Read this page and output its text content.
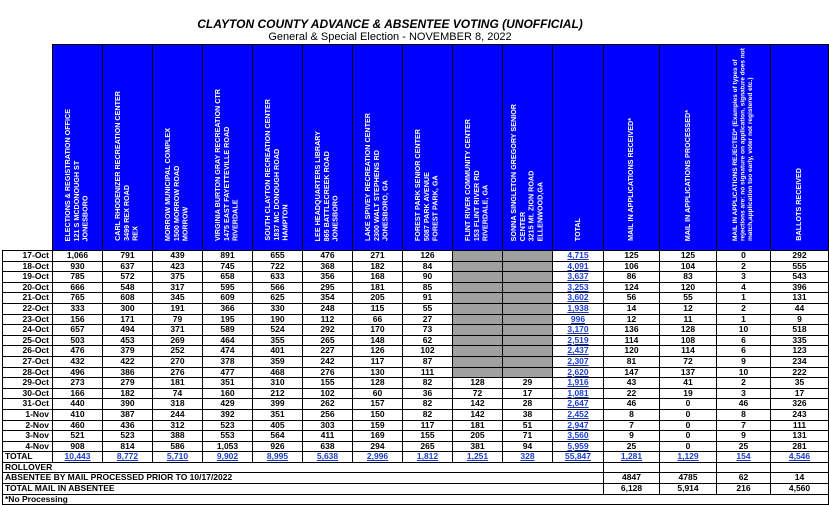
CLAYTON COUNTY ADVANCE & ABSENTEE VOTING (UNOFFICIAL)
General & Special Election - NOVEMBER 8, 2022
	ELECTIONS & REGISTRATION OFFICE
121 S MCDONOUGH ST
JONESBORO	CARL RHODENIZER RECREATION CENTER
3499 REX ROAD
REX	MORROW MUNICIPAL COMPLEX
1500 MORROW ROAD
MORROW	VIRGINIA BURTON GRAY RECREATION CTR
1475 EAST FAYETTEVILLE ROAD
RIVERDALE	SOUTH CLAYTON RECREATION CENTER
1837 MC DONOUGH ROAD
HAMPTON	LEE HEADQUARTERS LIBRARY
865 BATTLECREEK ROAD
JONESBORO	LAKE SPIVEY RECREATION CENTER
2300 WALT STEPHENS RD
JONESBORO, GA	FOREST PARK SENIOR CENTER
5087 PARK AVENUE
FOREST PARK, GA	FLINT RIVER COMMUNITY CENTER
153 FLINT RIVER RD
RIVERDALE, GA	SONNA SINGLETON GREGORY SENIOR
CENTER
3215 Mt. ZION ROAD
ELLENWOOD,GA	TOTAL	MAIL IN APPLICATIONS RECEIVED*	MAIL IN APPLICATIONS PROCESSED*	MAIL IN APPLICATIONS REJECTED* (Examples of types of rejections are: no signature on application, signature does not match,application too early, voter not registered etc.)	BALLOTS RECEIVED
17-Oct	1,066	791	439	891	655	476	271	126			4,715	125	125	0	292
18-Oct	930	637	423	745	722	368	182	84			4,091	106	104	2	555
19-Oct	785	572	375	658	633	356	168	90			3,637	86	83	3	543
20-Oct	666	548	317	595	566	295	181	85			3,253	124	120	4	396
21-Oct	765	608	345	609	625	354	205	91			3,602	56	55	1	131
22-Oct	333	300	191	366	330	248	115	55			1,938	14	12	2	44
23-Oct	156	171	79	195	190	112	66	27			996	12	11	1	9
24-Oct	657	494	371	589	524	292	170	73			3,170	136	128	10	518
25-Oct	503	453	269	464	355	265	148	62			2,519	114	108	6	335
26-Oct	476	379	252	474	401	227	126	102			2,437	120	114	6	123
27-Oct	432	422	270	378	359	242	117	87			2,307	81	72	9	234
28-Oct	496	386	276	477	468	276	130	111			2,620	147	137	10	222
29-Oct	273	279	181	351	310	155	128	82	128	29	1,916	43	41	2	35
30-Oct	166	182	74	160	212	102	60	36	72	17	1,081	22	19	3	17
31-Oct	440	390	318	429	399	262	157	82	142	28	2,647	46	0	46	326
1-Nov	410	387	244	392	351	256	150	82	142	38	2,452	8	0	8	243
2-Nov	460	436	312	523	405	303	159	117	181	51	2,947	7	0	7	111
3-Nov	521	523	388	553	564	411	169	155	205	71	3,560	9	0	9	131
4-Nov	908	814	586	1,053	926	638	294	265	381	94	5,959	25	0	25	281
TOTAL	10,443	8,772	5,710	9,902	8,995	5,638	2,996	1,812	1,251	328	55,847	1,281	1,129	154	4,546
ROLLOVER															
ABSENTEE BY MAIL PROCESSED PRIOR TO 10/17/2022												4847	4785	62	14
TOTAL MAIL IN ABSENTEE												6,128	5,914	216	4,560
*No Processing															
